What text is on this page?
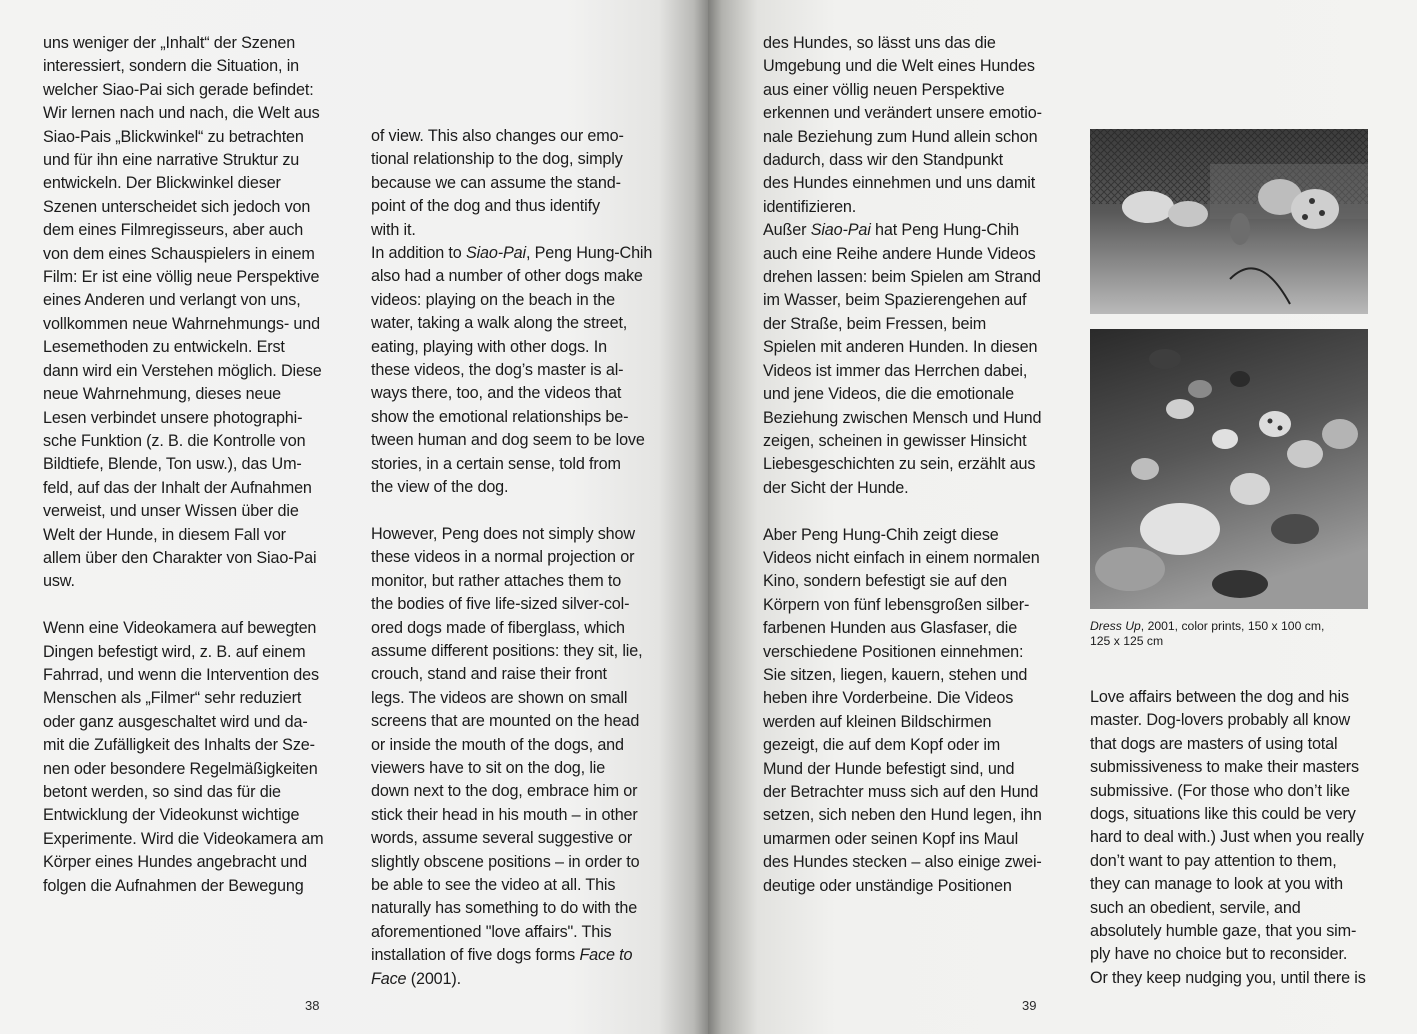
uns weniger der „Inhalt“ der Szenen
interessiert, sondern die Situation, in
welcher Siao-Pai sich gerade befindet:
Wir lernen nach und nach, die Welt aus
Siao-Pais „Blickwinkel“ zu betrachten
und für ihn eine narrative Struktur zu
entwickeln. Der Blickwinkel dieser
Szenen unterscheidet sich jedoch von
dem eines Filmregisseurs, aber auch
von dem eines Schauspielers in einem
Film: Er ist eine völlig neue Perspektive
eines Anderen und verlangt von uns,
vollkommen neue Wahrnehmungs- und
Lesemethoden zu entwickeln. Erst
dann wird ein Verstehen möglich. Diese
neue Wahrnehmung, dieses neue
Lesen verbindet unsere photographi-
sche Funktion (z. B. die Kontrolle von
Bildtiefe, Blende, Ton usw.), das Um-
feld, auf das der Inhalt der Aufnahmen
verweist, und unser Wissen über die
Welt der Hunde, in diesem Fall vor
allem über den Charakter von Siao-Pai
usw.

Wenn eine Videokamera auf bewegten
Dingen befestigt wird, z. B. auf einem
Fahrrad, und wenn die Intervention des
Menschen als „Filmer“ sehr reduziert
oder ganz ausgeschaltet wird und da-
mit die Zufälligkeit des Inhalts der Sze-
nen oder besondere Regelmäßigkeiten
betont werden, so sind das für die
Entwicklung der Videokunst wichtige
Experimente. Wird die Videokamera am
Körper eines Hundes angebracht und
folgen die Aufnahmen der Bewegung

of view. This also changes our emo-
tional relationship to the dog, simply
because we can assume the stand-
point of the dog and thus identify
with it.

In addition to Siao-Pai, Peng Hung-Chih
also had a number of other dogs make
videos: playing on the beach in the
water, taking a walk along the street,
eating, playing with other dogs. In
these videos, the dog’s master is al-
ways there, too, and the videos that
show the emotional relationships be-
tween human and dog seem to be love
stories, in a certain sense, told from
the view of the dog.

However, Peng does not simply show
these videos in a normal projection or
monitor, but rather attaches them to
the bodies of five life-sized silver-col-
ored dogs made of fiberglass, which
assume different positions: they sit, lie,
crouch, stand and raise their front
legs. The videos are shown on small
screens that are mounted on the head
or inside the mouth of the dogs, and
viewers have to sit on the dog, lie
down next to the dog, embrace him or
stick their head in his mouth – in other
words, assume several suggestive or
slightly obscene positions – in order to
be able to see the video at all. This
naturally has something to do with the
aforementioned "love affairs". This
installation of five dogs forms Face to
Face (2001).

38

des Hundes, so lässt uns das die
Umgebung und die Welt eines Hundes
aus einer völlig neuen Perspektive
erkennen und verändert unsere emotio-
nale Beziehung zum Hund allein schon
dadurch, dass wir den Standpunkt
des Hundes einnehmen und uns damit
identifizieren.

Außer Siao-Pai hat Peng Hung-Chih
auch eine Reihe andere Hunde Videos
drehen lassen: beim Spielen am Strand
im Wasser, beim Spazierengehen auf
der Straße, beim Fressen, beim
Spielen mit anderen Hunden. In diesen
Videos ist immer das Herrchen dabei,
und jene Videos, die die emotionale
Beziehung zwischen Mensch und Hund
zeigen, scheinen in gewisser Hinsicht
Liebesgeschichten zu sein, erzählt aus
der Sicht der Hunde.

Aber Peng Hung-Chih zeigt diese
Videos nicht einfach in einem normalen
Kino, sondern befestigt sie auf den
Körpern von fünf lebensgroßen silber-
farbenen Hunden aus Glasfaser, die
verschiedene Positionen einnehmen:
Sie sitzen, liegen, kauern, stehen und
heben ihre Vorderbeine. Die Videos
werden auf kleinen Bildschirmen
gezeigt, die auf dem Kopf oder im
Mund der Hunde befestigt sind, und
der Betrachter muss sich auf den Hund
setzen, sich neben den Hund legen, ihn
umarmen oder seinen Kopf ins Maul
des Hundes stecken – also einige zwei-
deutige oder unständige Positionen

Dress Up, 2001, color prints, 150 x 100 cm,
125 x 125 cm

Love affairs between the dog and his
master. Dog-lovers probably all know
that dogs are masters of using total
submissiveness to make their masters
submissive. (For those who don’t like
dogs, situations like this could be very
hard to deal with.) Just when you really
don’t want to pay attention to them,
they can manage to look at you with
such an obedient, servile, and
absolutely humble gaze, that you sim-
ply have no choice but to reconsider.
Or they keep nudging you, until there is

39
